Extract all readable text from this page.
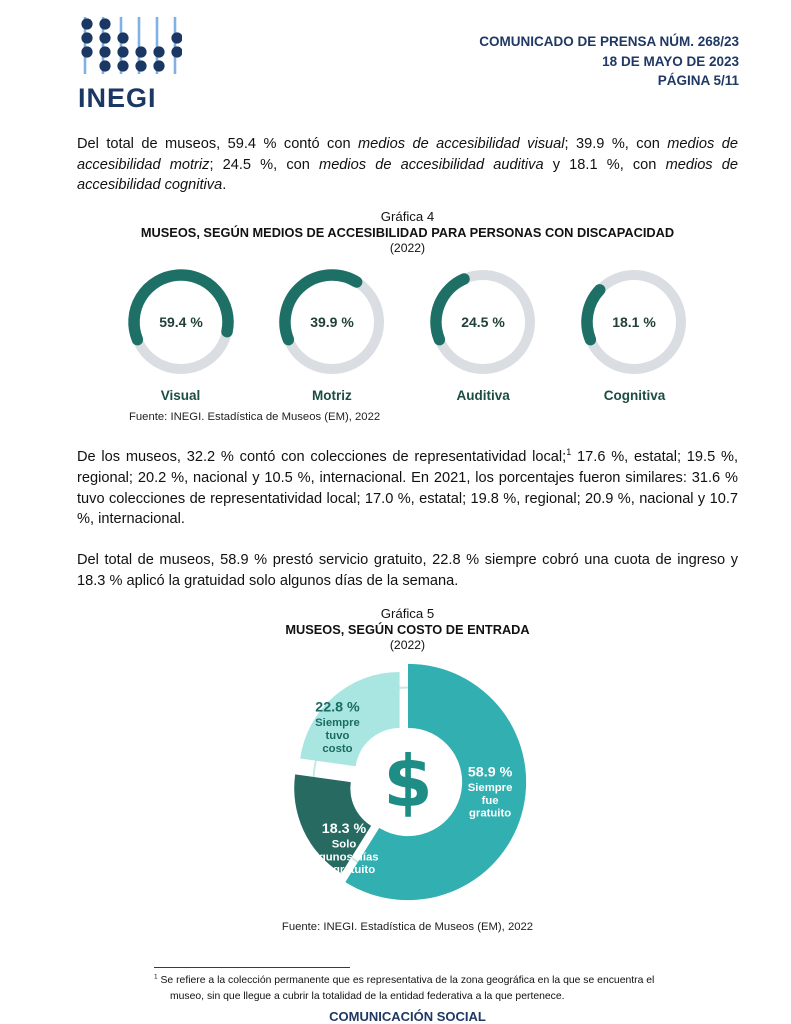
INEGI
COMUNICADO DE PRENSA NÚM. 268/23
18 DE MAYO DE 2023
PÁGINA 5/11

Del total de museos, 59.4 % contó con medios de accesibilidad visual; 39.9 %, con medios de accesibilidad motriz; 24.5 %, con medios de accesibilidad auditiva y 18.1 %, con medios de accesibilidad cognitiva.

Gráfica 4
MUSEOS, SEGÚN MEDIOS DE ACCESIBILIDAD PARA PERSONAS CON DISCAPACIDAD
(2022)
59.4 %
Visual
39.9 %
Motriz
24.5 %
Auditiva
18.1 %
Cognitiva
Fuente: INEGI. Estadística de Museos (EM), 2022

De los museos, 32.2 % contó con colecciones de representatividad local;$^1$ 17.6 %, estatal; 19.5 %, regional; 20.2 %, nacional y 10.5 %, internacional. En 2021, los porcentajes fueron similares: 31.6 % tuvo colecciones de representatividad local; 17.0 %, estatal; 19.8 %, regional; 20.9 %, nacional y 10.7 %, internacional.

Del total de museos, 58.9 % prestó servicio gratuito, 22.8 % siempre cobró una cuota de ingreso y 18.3 % aplicó la gratuidad solo algunos días de la semana.

Gráfica 5
MUSEOS, SEGÚN COSTO DE ENTRADA
(2022)
58.9 % Siempre fue gratuito
18.3 % Solo algunos días fue gratuito
22.8 % Siempre tuvo costo $
Fuente: INEGI. Estadística de Museos (EM), 2022

$^1$ Se refiere a la colección permanente que es representativa de la zona geográfica en la que se encuentra el museo, sin que llegue a cubrir la totalidad de la entidad federativa a la que pertenece.

COMUNICACIÓN SOCIAL
